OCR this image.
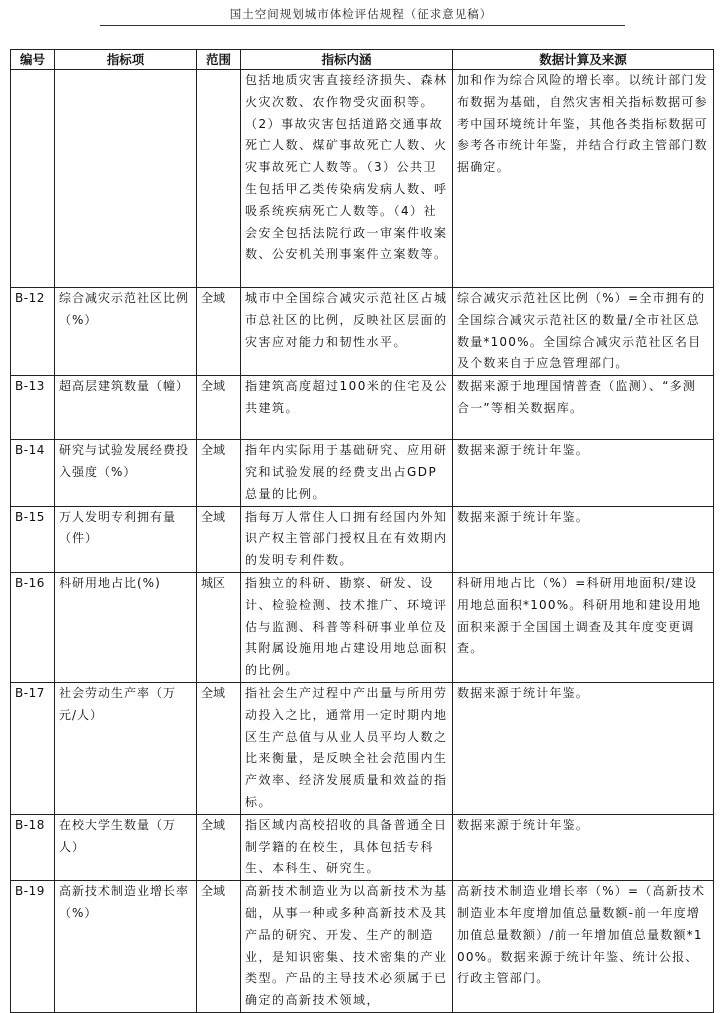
国土空间规划城市体检评估规程（征求意见稿）
编号	指标项	范围	指标内涵	数据计算及来源
			包括地质灾害直接经济损失、森林火灾次数、农作物受灾面积等。（2）事故灾害包括道路交通事故死亡人数、煤矿事故死亡人数、火灾事故死亡人数等。（3）公共卫生包括甲乙类传染病发病人数、呼吸系统疾病死亡人数等。（4）社会安全包括法院行政一审案件收案数、公安机关刑事案件立案数等。	加和作为综合风险的增长率。以统计部门发布数据为基础，自然灾害相关指标数据可参考中国环境统计年鉴，其他各类指标数据可参考各市统计年鉴，并结合行政主管部门数据确定。
B-12	综合减灾示范社区比例（%）	全域	城市中全国综合减灾示范社区占城市总社区的比例，反映社区层面的灾害应对能力和韧性水平。	综合减灾示范社区比例（%）=全市拥有的全国综合减灾示范社区的数量/全市社区总数量*100%。全国综合减灾示范社区名目及个数来自于应急管理部门。
B-13	超高层建筑数量（幢）	全域	指建筑高度超过100米的住宅及公共建筑。	数据来源于地理国情普查（监测）、“多测合一”等相关数据库。
B-14	研究与试验发展经费投入强度（%）	全域	指年内实际用于基础研究、应用研究和试验发展的经费支出占GDP总量的比例。	数据来源于统计年鉴。
B-15	万人发明专利拥有量（件）	全域	指每万人常住人口拥有经国内外知识产权主管部门授权且在有效期内的发明专利件数。	数据来源于统计年鉴。
B-16	科研用地占比(%)	城区	指独立的科研、勘察、研发、设计、检验检测、技术推广、环境评估与监测、科普等科研事业单位及其附属设施用地占建设用地总面积的比例。	科研用地占比（%）=科研用地面积/建设用地总面积*100%。科研用地和建设用地面积来源于全国国土调查及其年度变更调查。
B-17	社会劳动生产率（万元/人）	全域	指社会生产过程中产出量与所用劳动投入之比，通常用一定时期内地区生产总值与从业人员平均人数之比来衡量，是反映全社会范围内生产效率、经济发展质量和效益的指标。	数据来源于统计年鉴。
B-18	在校大学生数量（万人）	全域	指区域内高校招收的具备普通全日制学籍的在校生，具体包括专科生、本科生、研究生。	数据来源于统计年鉴。
B-19	高新技术制造业增长率（%）	全域	高新技术制造业为以高新技术为基础，从事一种或多种高新技术及其产品的研究、开发、生产的制造业，是知识密集、技术密集的产业类型。产品的主导技术必须属于已确定的高新技术领域，	高新技术制造业增长率（%）=（高新技术制造业本年度增加值总量数额-前一年度增加值总量数额）/前一年增加值总量数额*100%。数据来源于统计年鉴、统计公报、行政主管部门。
